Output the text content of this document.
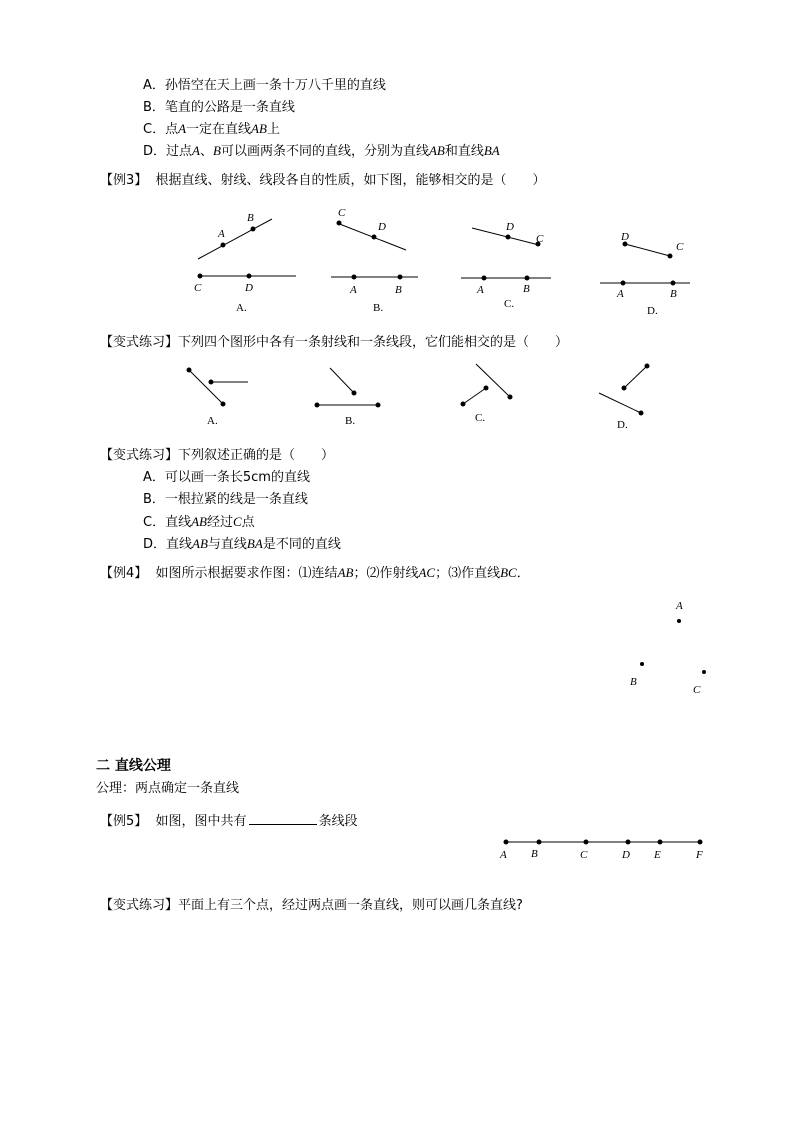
A．孙悟空在天上画一条十万八千里的直线
B．笔直的公路是一条直线
C．点A一定在直线AB上
D．过点A、B可以画两条不同的直线，分别为直线AB和直线BA
【例3】 根据直线、射线、线段各自的性质，如下图，能够相交的是（　　）
A
B
C	D
A.
C
D
A	B
B.
D
C
A	B
C.
D
C
A	B
D.
【变式练习】下列四个图形中各有一条射线和一条线段，它们能相交的是（　　）
A.	B.	C.
D.
【变式练习】下列叙述正确的是（　　）
A．可以画一条长5cm的直线
B．一根拉紧的线是一条直线
C．直线AB经过C点
D．直线AB与直线BA是不同的直线
【例4】 如图所示根据要求作图：⑴连结AB；⑵作射线AC；⑶作直线BC．
A
B
C
二 直线公理
公理：两点确定一条直线
【例5】 如图，图中共有	条线段
A B	C	D E	F
【变式练习】平面上有三个点，经过两点画一条直线，则可以画几条直线?
